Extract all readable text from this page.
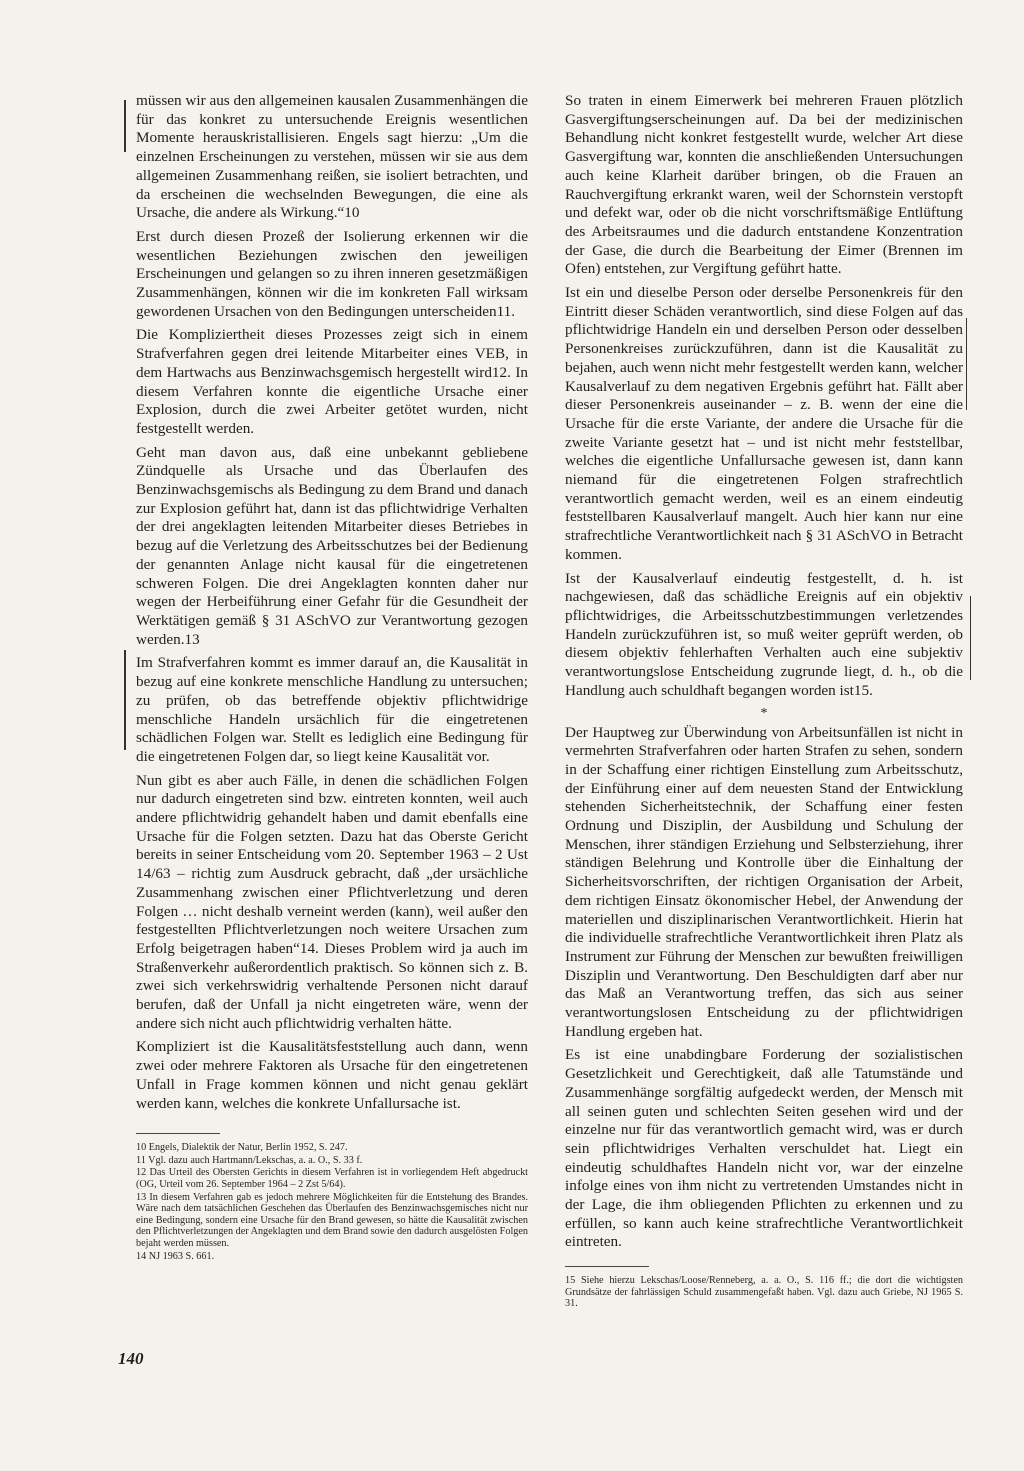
müssen wir aus den allgemeinen kausalen Zusammenhängen die für das konkret zu untersuchende Ereignis wesentlichen Momente herauskristallisieren. Engels sagt hierzu: „Um die einzelnen Erscheinungen zu verstehen, müssen wir sie aus dem allgemeinen Zusammenhang reißen, sie isoliert betrachten, und da erscheinen die wechselnden Bewegungen, die eine als Ursache, die andere als Wirkung.“10

Erst durch diesen Prozeß der Isolierung erkennen wir die wesentlichen Beziehungen zwischen den jeweiligen Erscheinungen und gelangen so zu ihren inneren gesetzmäßigen Zusammenhängen, können wir die im konkreten Fall wirksam gewordenen Ursachen von den Bedingungen unterscheiden11.

Die Kompliziertheit dieses Prozesses zeigt sich in einem Strafverfahren gegen drei leitende Mitarbeiter eines VEB, in dem Hartwachs aus Benzinwachsgemisch hergestellt wird12. In diesem Verfahren konnte die eigentliche Ursache einer Explosion, durch die zwei Arbeiter getötet wurden, nicht festgestellt werden.

Geht man davon aus, daß eine unbekannt gebliebene Zündquelle als Ursache und das Überlaufen des Benzinwachsgemischs als Bedingung zu dem Brand und danach zur Explosion geführt hat, dann ist das pflichtwidrige Verhalten der drei angeklagten leitenden Mitarbeiter dieses Betriebes in bezug auf die Verletzung des Arbeitsschutzes bei der Bedienung der genannten Anlage nicht kausal für die eingetretenen schweren Folgen. Die drei Angeklagten konnten daher nur wegen der Herbeiführung einer Gefahr für die Gesundheit der Werktätigen gemäß § 31 ASchVO zur Verantwortung gezogen werden.13

Im Strafverfahren kommt es immer darauf an, die Kausalität in bezug auf eine konkrete menschliche Handlung zu untersuchen; zu prüfen, ob das betreffende objektiv pflichtwidrige menschliche Handeln ursächlich für die eingetretenen schädlichen Folgen war. Stellt es lediglich eine Bedingung für die eingetretenen Folgen dar, so liegt keine Kausalität vor.

Nun gibt es aber auch Fälle, in denen die schädlichen Folgen nur dadurch eingetreten sind bzw. eintreten konnten, weil auch andere pflichtwidrig gehandelt haben und damit ebenfalls eine Ursache für die Folgen setzten. Dazu hat das Oberste Gericht bereits in seiner Entscheidung vom 20. September 1963 – 2 Ust 14/63 – richtig zum Ausdruck gebracht, daß „der ursächliche Zusammenhang zwischen einer Pflichtverletzung und deren Folgen … nicht deshalb verneint werden (kann), weil außer den festgestellten Pflichtverletzungen noch weitere Ursachen zum Erfolg beigetragen haben“14. Dieses Problem wird ja auch im Straßenverkehr außerordentlich praktisch. So können sich z. B. zwei sich verkehrswidrig verhaltende Personen nicht darauf berufen, daß der Unfall ja nicht eingetreten wäre, wenn der andere sich nicht auch pflichtwidrig verhalten hätte.

Kompliziert ist die Kausalitätsfeststellung auch dann, wenn zwei oder mehrere Faktoren als Ursache für den eingetretenen Unfall in Frage kommen können und nicht genau geklärt werden kann, welches die konkrete Unfallursache ist.

10 Engels, Dialektik der Natur, Berlin 1952, S. 247.

11 Vgl. dazu auch Hartmann/Lekschas, a. a. O., S. 33 f.

12 Das Urteil des Obersten Gerichts in diesem Verfahren ist in vorliegendem Heft abgedruckt (OG, Urteil vom 26. September 1964 – 2 Zst 5/64).

13 In diesem Verfahren gab es jedoch mehrere Möglichkeiten für die Entstehung des Brandes. Wäre nach dem tatsächlichen Geschehen das Überlaufen des Benzinwachsgemisches nicht nur eine Bedingung, sondern eine Ursache für den Brand gewesen, so hätte die Kausalität zwischen den Pflichtverletzungen der Angeklagten und dem Brand sowie den dadurch ausgelösten Folgen bejaht werden müssen.

14 NJ 1963 S. 661.

So traten in einem Eimerwerk bei mehreren Frauen plötzlich Gasvergiftungserscheinungen auf. Da bei der medizinischen Behandlung nicht konkret festgestellt wurde, welcher Art diese Gasvergiftung war, konnten die anschließenden Untersuchungen auch keine Klarheit darüber bringen, ob die Frauen an Rauchvergiftung erkrankt waren, weil der Schornstein verstopft und defekt war, oder ob die nicht vorschriftsmäßige Entlüftung des Arbeitsraumes und die dadurch entstandene Konzentration der Gase, die durch die Bearbeitung der Eimer (Brennen im Ofen) entstehen, zur Vergiftung geführt hatte.

Ist ein und dieselbe Person oder derselbe Personenkreis für den Eintritt dieser Schäden verantwortlich, sind diese Folgen auf das pflichtwidrige Handeln ein und derselben Person oder desselben Personenkreises zurückzuführen, dann ist die Kausalität zu bejahen, auch wenn nicht mehr festgestellt werden kann, welcher Kausalverlauf zu dem negativen Ergebnis geführt hat. Fällt aber dieser Personenkreis auseinander – z. B. wenn der eine die Ursache für die erste Variante, der andere die Ursache für die zweite Variante gesetzt hat – und ist nicht mehr feststellbar, welches die eigentliche Unfallursache gewesen ist, dann kann niemand für die eingetretenen Folgen strafrechtlich verantwortlich gemacht werden, weil es an einem eindeutig feststellbaren Kausalverlauf mangelt. Auch hier kann nur eine strafrechtliche Verantwortlichkeit nach § 31 ASchVO in Betracht kommen.

Ist der Kausalverlauf eindeutig festgestellt, d. h. ist nachgewiesen, daß das schädliche Ereignis auf ein objektiv pflichtwidriges, die Arbeitsschutzbestimmungen verletzendes Handeln zurückzuführen ist, so muß weiter geprüft werden, ob diesem objektiv fehlerhaften Verhalten auch eine subjektiv verantwortungslose Entscheidung zugrunde liegt, d. h., ob die Handlung auch schuldhaft begangen worden ist15.

*

Der Hauptweg zur Überwindung von Arbeitsunfällen ist nicht in vermehrten Strafverfahren oder harten Strafen zu sehen, sondern in der Schaffung einer richtigen Einstellung zum Arbeitsschutz, der Einführung einer auf dem neuesten Stand der Entwicklung stehenden Sicherheitstechnik, der Schaffung einer festen Ordnung und Disziplin, der Ausbildung und Schulung der Menschen, ihrer ständigen Erziehung und Selbsterziehung, ihrer ständigen Belehrung und Kontrolle über die Einhaltung der Sicherheitsvorschriften, der richtigen Organisation der Arbeit, dem richtigen Einsatz ökonomischer Hebel, der Anwendung der materiellen und disziplinarischen Verantwortlichkeit. Hierin hat die individuelle strafrechtliche Verantwortlichkeit ihren Platz als Instrument zur Führung der Menschen zur bewußten freiwilligen Disziplin und Verantwortung. Den Beschuldigten darf aber nur das Maß an Verantwortung treffen, das sich aus seiner verantwortungslosen Entscheidung zu der pflichtwidrigen Handlung ergeben hat.

Es ist eine unabdingbare Forderung der sozialistischen Gesetzlichkeit und Gerechtigkeit, daß alle Tatumstände und Zusammenhänge sorgfältig aufgedeckt werden, der Mensch mit all seinen guten und schlechten Seiten gesehen wird und der einzelne nur für das verantwortlich gemacht wird, was er durch sein pflichtwidriges Verhalten verschuldet hat. Liegt ein eindeutig schuldhaftes Handeln nicht vor, war der einzelne infolge eines von ihm nicht zu vertretenden Umstandes nicht in der Lage, die ihm obliegenden Pflichten zu erkennen und zu erfüllen, so kann auch keine strafrechtliche Verantwortlichkeit eintreten.

15 Siehe hierzu Lekschas/Loose/Renneberg, a. a. O., S. 116 ff.; die dort die wichtigsten Grundsätze der fahrlässigen Schuld zusammengefaßt haben. Vgl. dazu auch Griebe, NJ 1965 S. 31.

140
